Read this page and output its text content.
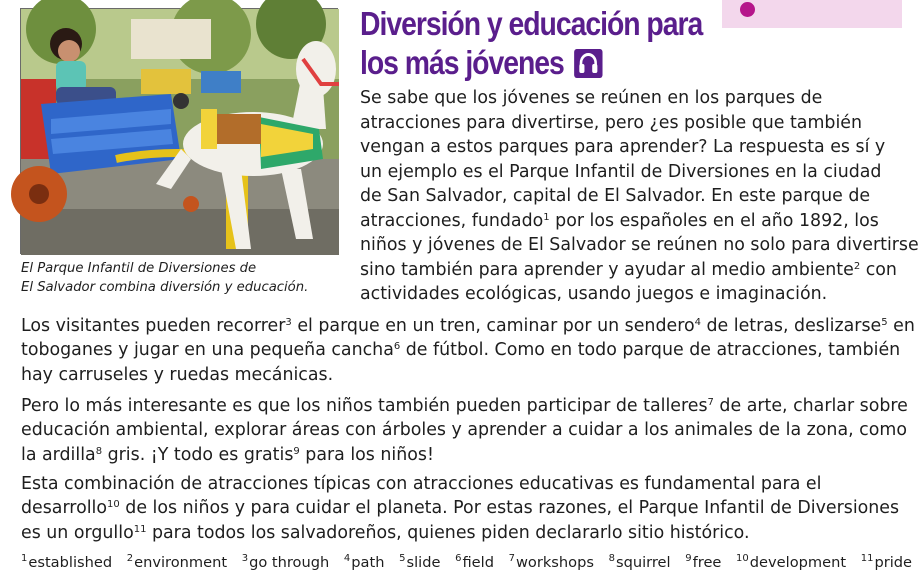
El Parque Infantil de Diversiones de
El Salvador combina diversión y educación.
Diversión y educación para
los más jóvenes
Se sabe que los jóvenes se reúnen en los parques de
atracciones para divertirse, pero ¿es posible que también
vengan a estos parques para aprender? La respuesta es sí y
un ejemplo es el Parque Infantil de Diversiones en la ciudad
de San Salvador, capital de El Salvador. En este parque de
atracciones, fundado$^1$ por los españoles en el año 1892, los
niños y jóvenes de El Salvador se reúnen no solo para divertirse
sino también para aprender y ayudar al medio ambiente$^2$ con
actividades ecológicas, usando juegos e imaginación.
Los visitantes pueden recorrer$^3$ el parque en un tren, caminar por un sendero$^4$ de letras, deslizarse$^5$ en
toboganes y jugar en una pequeña cancha$^6$ de fútbol. Como en todo parque de atracciones, también
hay carruseles y ruedas mecánicas.
Pero lo más interesante es que los niños también pueden participar de talleres$^7$ de arte, charlar sobre
educación ambiental, explorar áreas con árboles y aprender a cuidar a los animales de la zona, como
la ardilla$^8$ gris. ¡Y todo es gratis$^9$ para los niños!
Esta combinación de atracciones típicas con atracciones educativas es fundamental para el
desarrollo$^{10}$ de los niños y para cuidar el planeta. Por estas razones, el Parque Infantil de Diversiones
es un orgullo$^{11}$ para todos los salvadoreños, quienes piden declararlo sitio histórico.
$^1$established $^2$environment $^3$go through $^4$path $^5$slide $^6$field $^7$workshops $^8$squirrel $^9$free $^{10}$development $^{11}$pride
